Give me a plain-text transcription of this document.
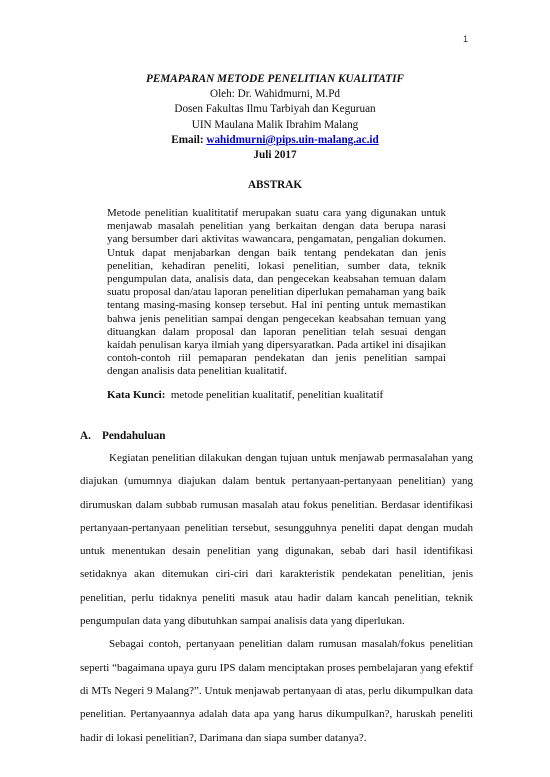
1
PEMAPARAN METODE PENELITIAN KUALITATIF
Oleh: Dr. Wahidmurni, M.Pd
Dosen Fakultas Ilmu Tarbiyah dan Keguruan
UIN Maulana Malik Ibrahim Malang
Email: wahidmurni@pips.uin-malang.ac.id
Juli 2017
ABSTRAK
Metode penelitian kualititatif merupakan suatu cara yang digunakan untuk menjawab masalah penelitian yang berkaitan dengan data berupa narasi yang bersumber dari aktivitas wawancara, pengamatan, pengalian dokumen. Untuk dapat menjabarkan dengan baik tentang pendekatan dan jenis penelitian, kehadiran peneliti, lokasi penelitian, sumber data, teknik pengumpulan data, analisis data, dan pengecekan keabsahan temuan dalam suatu proposal dan/atau laporan penelitian diperlukan pemahaman yang baik tentang masing-masing konsep tersebut. Hal ini penting untuk memastikan bahwa jenis penelitian sampai dengan pengecekan keabsahan temuan yang dituangkan dalam proposal dan laporan penelitian telah sesuai dengan kaidah penulisan karya ilmiah yang dipersyaratkan. Pada artikel ini disajikan contoh-contoh riil pemaparan pendekatan dan jenis penelitian sampai dengan analisis data penelitian kualitatif.
Kata Kunci: metode penelitian kualitatif, penelitian kualitatif
A. Pendahuluan

Kegiatan penelitian dilakukan dengan tujuan untuk menjawab permasalahan yang diajukan (umumnya diajukan dalam bentuk pertanyaan-pertanyaan penelitian) yang dirumuskan dalam subbab rumusan masalah atau fokus penelitian. Berdasar identifikasi pertanyaan-pertanyaan penelitian tersebut, sesungguhnya peneliti dapat dengan mudah untuk menentukan desain penelitian yang digunakan, sebab dari hasil identifikasi setidaknya akan ditemukan ciri-ciri dari karakteristik pendekatan penelitian, jenis penelitian, perlu tidaknya peneliti masuk atau hadir dalam kancah penelitian, teknik pengumpulan data yang dibutuhkan sampai analisis data yang diperlukan.

Sebagai contoh, pertanyaan penelitian dalam rumusan masalah/fokus penelitian seperti “bagaimana upaya guru IPS dalam menciptakan proses pembelajaran yang efektif di MTs Negeri 9 Malang?”. Untuk menjawab pertanyaan di atas, perlu dikumpulkan data penelitian. Pertanyaannya adalah data apa yang harus dikumpulkan?, haruskah peneliti hadir di lokasi penelitian?, Darimana dan siapa sumber datanya?.
